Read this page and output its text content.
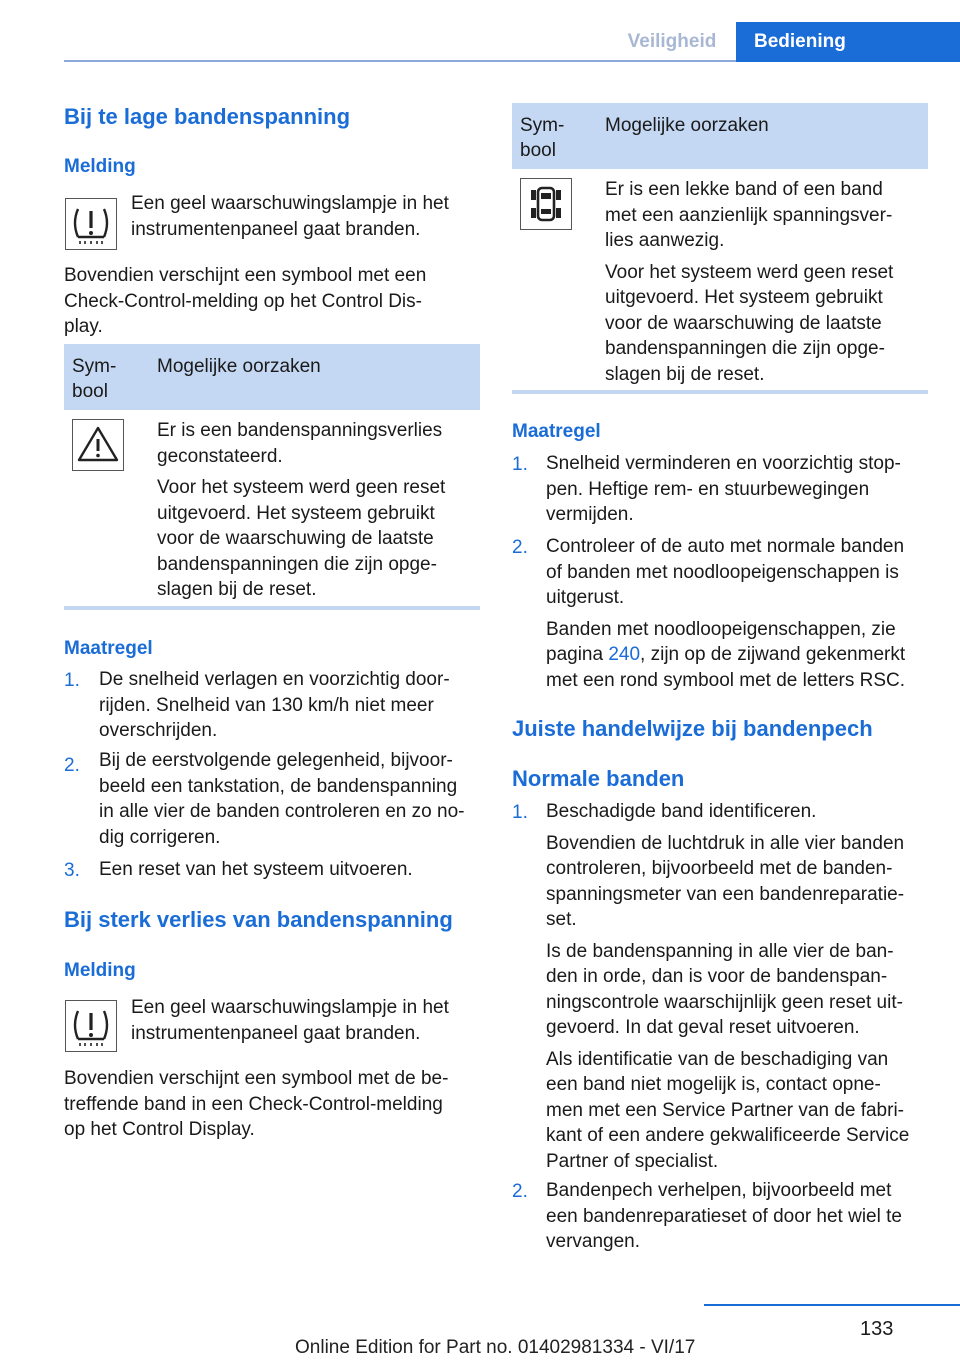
Veiligheid	Bediening
Bij te lage bandenspanning
Melding
Een geel waarschuwingslampje in het
instrumentenpaneel gaat branden.
Bovendien verschijnt een symbool met een
Check-Control-melding op het Control Dis-
play.
Sym-
bool
Mogelijke oorzaken
Er is een bandenspanningsverlies
geconstateerd.
Voor het systeem werd geen reset
uitgevoerd. Het systeem gebruikt
voor de waarschuwing de laatste
bandenspanningen die zijn opge-
slagen bij de reset.
Maatregel
1. De snelheid verlagen en voorzichtig door-
rijden. Snelheid van 130 km/h niet meer
overschrijden.
2. Bij de eerstvolgende gelegenheid, bijvoor-
beeld een tankstation, de bandenspanning
in alle vier de banden controleren en zo no-
dig corrigeren.
3. Een reset van het systeem uitvoeren.
Bij sterk verlies van bandenspanning
Melding
Een geel waarschuwingslampje in het
instrumentenpaneel gaat branden.
Bovendien verschijnt een symbool met de be-
treffende band in een Check-Control-melding
op het Control Display.
Sym-
bool
Mogelijke oorzaken
Er is een lekke band of een band
met een aanzienlijk spanningsver-
lies aanwezig.
Voor het systeem werd geen reset
uitgevoerd. Het systeem gebruikt
voor de waarschuwing de laatste
bandenspanningen die zijn opge-
slagen bij de reset.
Maatregel
1. Snelheid verminderen en voorzichtig stop-
pen. Heftige rem- en stuurbewegingen
vermijden.
2. Controleer of de auto met normale banden
of banden met noodloopeigenschappen is
uitgerust.
Banden met noodloopeigenschappen, zie
pagina 240, zijn op de zijwand gekenmerkt
met een rond symbool met de letters RSC.
Juiste handelwijze bij bandenpech
Normale banden
1. Beschadigde band identificeren.
Bovendien de luchtdruk in alle vier banden
controleren, bijvoorbeeld met de banden-
spanningsmeter van een bandenreparatie-
set.
Is de bandenspanning in alle vier de ban-
den in orde, dan is voor de bandenspan-
ningscontrole waarschijnlijk geen reset uit-
gevoerd. In dat geval reset uitvoeren.
Als identificatie van de beschadiging van
een band niet mogelijk is, contact opne-
men met een Service Partner van de fabri-
kant of een andere gekwalificeerde Service
Partner of specialist.
2. Bandenpech verhelpen, bijvoorbeeld met
een bandenreparatieset of door het wiel te
vervangen.
133
Online Edition for Part no. 01402981334 - VI/17
